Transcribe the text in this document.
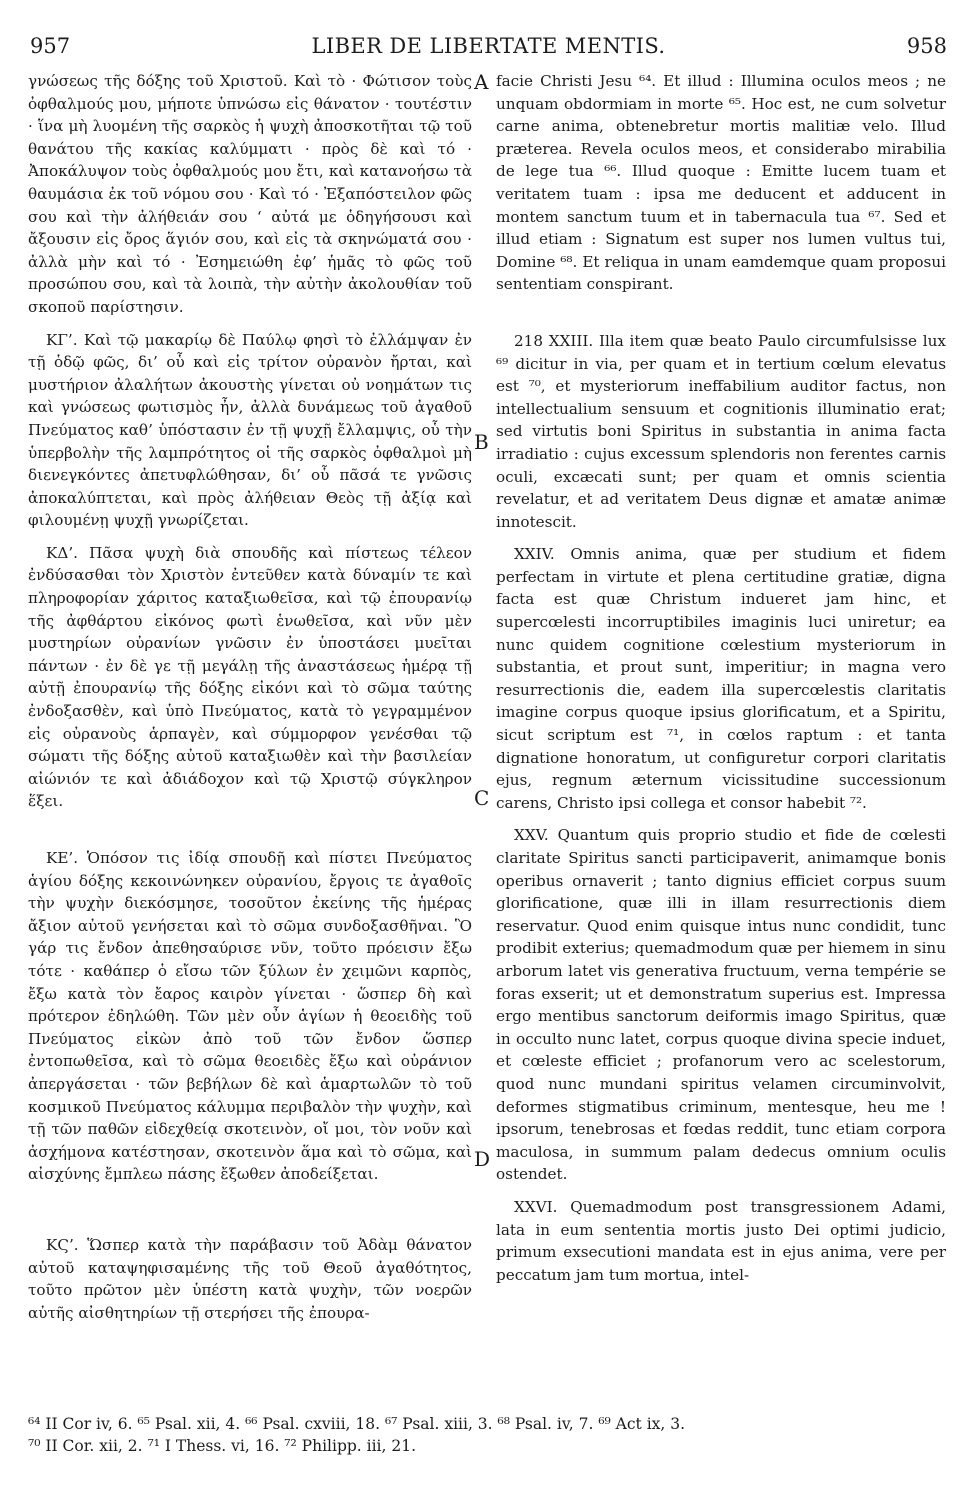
957	LIBER DE LIBERTATE MENTIS.	958

γνώσεως τῆς δόξης τοῦ Χριστοῦ. Καὶ τὸ · Φώτισον τοὺς ὀφθαλμούς μου, μήποτε ὑπνώσω εἰς θάνατον · τουτέστιν · ἵνα μὴ λυομένη τῆς σαρκὸς ἡ ψυχὴ ἀποσκοτῆται τῷ τοῦ θανάτου τῆς κακίας καλύμματι · πρὸς δὲ καὶ τό · Ἀποκάλυψον τοὺς ὀφθαλμούς μου ἔτι, καὶ κατανοήσω τὰ θαυμάσια ἐκ τοῦ νόμου σου · Καὶ τό · Ἐξαπόστειλον φῶς σου καὶ τὴν ἀλήθειάν σου ‘ αὐτά με ὁδηγήσουσι καὶ ἄξουσιν εἰς ὄρος ἅγιόν σου, καὶ εἰς τὰ σκηνώματά σου · ἀλλὰ μὴν καὶ τό · Ἐσημειώθη ἐφ’ ἡμᾶς τὸ φῶς τοῦ προσώπου σου, καὶ τὰ λοιπὰ, τὴν αὐτὴν ἀκολουθίαν τοῦ σκοποῦ παρίστησιν.

ΚΓ’. Καὶ τῷ μακαρίῳ δὲ Παύλῳ φησὶ τὸ ἐλλάμψαν ἐν τῇ ὁδῷ φῶς, δι’ οὗ καὶ εἰς τρίτον οὐρανὸν ἤρται, καὶ μυστήριον ἀλαλήτων ἀκουστὴς γίνεται οὐ νοημάτων τις καὶ γνώσεως φωτισμὸς ἦν, ἀλλὰ δυνάμεως τοῦ ἀγαθοῦ Πνεύματος καθ’ ὑπόστασιν ἐν τῇ ψυχῇ ἔλλαμψις, οὗ τὴν ὑπερβολὴν τῆς λαμπρότητος οἱ τῆς σαρκὸς ὀφθαλμοὶ μὴ διενεγκόντες ἀπετυφλώθησαν, δι’ οὗ πᾶσά τε γνῶσις ἀποκαλύπτεται, καὶ πρὸς ἀλήθειαν Θεὸς τῇ ἀξίᾳ καὶ φιλουμένῃ ψυχῇ γνωρίζεται.

ΚΔ’. Πᾶσα ψυχὴ διὰ σπουδῆς καὶ πίστεως τέλεον ἐνδύσασθαι τὸν Χριστὸν ἐντεῦθεν κατὰ δύναμίν τε καὶ πληροφορίαν χάριτος καταξιωθεῖσα, καὶ τῷ ἐπουρανίῳ τῆς ἀφθάρτου εἰκόνος φωτὶ ἑνωθεῖσα, καὶ νῦν μὲν μυστηρίων οὐρανίων γνῶσιν ἐν ὑποστάσει μυεῖται πάντων · ἐν δὲ γε τῇ μεγάλῃ τῆς ἀναστάσεως ἡμέρᾳ τῇ αὐτῇ ἐπουρανίῳ τῆς δόξης εἰκόνι καὶ τὸ σῶμα ταύτης ἐνδοξασθὲν, καὶ ὑπὸ Πνεύματος, κατὰ τὸ γεγραμμένον εἰς οὐρανοὺς ἁρπαγὲν, καὶ σύμμορφον γενέσθαι τῷ σώματι τῆς δόξης αὐτοῦ καταξιωθὲν καὶ τὴν βασιλείαν αἰώνιόν τε καὶ ἀδιάδοχον καὶ τῷ Χριστῷ σύγκληρον ἕξει.

ΚΕ’. Ὁπόσον τις ἰδίᾳ σπουδῇ καὶ πίστει Πνεύματος ἁγίου δόξης κεκοινώνηκεν οὐρανίου, ἔργοις τε ἀγαθοῖς τὴν ψυχὴν διεκόσμησε, τοσοῦτον ἐκείνης τῆς ἡμέρας ἄξιον αὐτοῦ γενήσεται καὶ τὸ σῶμα συνδοξασθῆναι. Ὃ γάρ τις ἔνδον ἀπεθησαύρισε νῦν, τοῦτο πρόεισιν ἔξω τότε · καθάπερ ὁ εἴσω τῶν ξύλων ἐν χειμῶνι καρπὸς, ἔξω κατὰ τὸν ἔαρος καιρὸν γίνεται · ὥσπερ δὴ καὶ πρότερον ἐδηλώθη. Τῶν μὲν οὖν ἁγίων ἡ θεοειδὴς τοῦ Πνεύματος εἰκὼν ἀπὸ τοῦ τῶν ἔνδον ὥσπερ ἐντοπωθεῖσα, καὶ τὸ σῶμα θεοειδὲς ἔξω καὶ οὐράνιον ἀπεργάσεται · τῶν βεβήλων δὲ καὶ ἁμαρτωλῶν τὸ τοῦ κοσμικοῦ Πνεύματος κάλυμμα περιβαλὸν τὴν ψυχὴν, καὶ τῇ τῶν παθῶν εἰδεχθείᾳ σκοτεινὸν, οἴ μοι, τὸν νοῦν καὶ ἀσχήμονα κατέστησαν, σκοτεινὸν ἅμα καὶ τὸ σῶμα, καὶ αἰσχύνης ἔμπλεω πάσης ἔξωθεν ἀποδείξεται.

ΚϚ’. Ὥσπερ κατὰ τὴν παράβασιν τοῦ Ἀδὰμ θάνατον αὐτοῦ καταψηφισαμένης τῆς τοῦ Θεοῦ ἀγαθότητος, τοῦτο πρῶτον μὲν ὑπέστη κατὰ ψυχὴν, τῶν νοερῶν αὐτῆς αἰσθητηρίων τῇ στερήσει τῆς ἐπουρα-

facie Christi Jesu ⁶⁴. Et illud : Illumina oculos meos ; ne unquam obdormiam in morte ⁶⁵. Hoc est, ne cum solvetur carne anima, obtenebretur mortis malitiæ velo. Illud præterea. Revela oculos meos, et considerabo mirabilia de lege tua ⁶⁶. Illud quoque : Emitte lucem tuam et veritatem tuam : ipsa me deducent et adducent in montem sanctum tuum et in tabernacula tua ⁶⁷. Sed et illud etiam : Signatum est super nos lumen vultus tui, Domine ⁶⁸. Et reliqua in unam eamdemque quam proposui sententiam conspirant.

218 XXIII. Illa item quæ beato Paulo circumfulsisse lux ⁶⁹ dicitur in via, per quam et in tertium cœlum elevatus est ⁷⁰, et mysteriorum ineffabilium auditor factus, non intellectualium sensuum et cognitionis illuminatio erat; sed virtutis boni Spiritus in substantia in anima facta irradiatio : cujus excessum splendoris non ferentes carnis oculi, excæcati sunt; per quam et omnis scientia revelatur, et ad veritatem Deus dignæ et amatæ animæ innotescit.

XXIV. Omnis anima, quæ per studium et fidem perfectam in virtute et plena certitudine gratiæ, digna facta est quæ Christum indueret jam hinc, et supercœlesti incorruptibiles imaginis luci uniretur; ea nunc quidem cognitione cœlestium mysteriorum in substantia, et prout sunt, imperitiur; in magna vero resurrectionis die, eadem illa supercœlestis claritatis imagine corpus quoque ipsius glorificatum, et a Spiritu, sicut scriptum est ⁷¹, in cœlos raptum : et tanta dignatione honoratum, ut configuretur corpori claritatis ejus, regnum æternum vicissitudine successionum carens, Christo ipsi collega et consor habebit ⁷².

XXV. Quantum quis proprio studio et fide de cœlesti claritate Spiritus sancti participaverit, animamque bonis operibus ornaverit ; tanto dignius efficiet corpus suum glorificatione, quæ illi in illam resurrectionis diem reservatur. Quod enim quisque intus nunc condidit, tunc prodibit exterius; quemadmodum quæ per hiemem in sinu arborum latet vis generativa fructuum, verna tempérie se foras exserit; ut et demonstratum superius est. Impressa ergo mentibus sanctorum deiformis imago Spiritus, quæ in occulto nunc latet, corpus quoque divina specie induet, et cœleste efficiet ; profanorum vero ac scelestorum, quod nunc mundani spiritus velamen circuminvolvit, deformes stigmatibus criminum, mentesque, heu me ! ipsorum, tenebrosas et fœdas reddit, tunc etiam corpora maculosa, in summum palam dedecus omnium oculis ostendet.

XXVI. Quemadmodum post transgressionem Adami, lata in eum sententia mortis justo Dei optimi judicio, primum exsecutioni mandata est in ejus anima, vere per peccatum jam tum mortua, intel-

A
B
C
D
⁶⁴ II Cor iv, 6. ⁶⁵ Psal. xii, 4. ⁶⁶ Psal. cxviii, 18. ⁶⁷ Psal. xiii, 3. ⁶⁸ Psal. iv, 7. ⁶⁹ Act ix, 3.
⁷⁰ II Cor. xii, 2. ⁷¹ I Thess. vi, 16. ⁷² Philipp. iii, 21.
